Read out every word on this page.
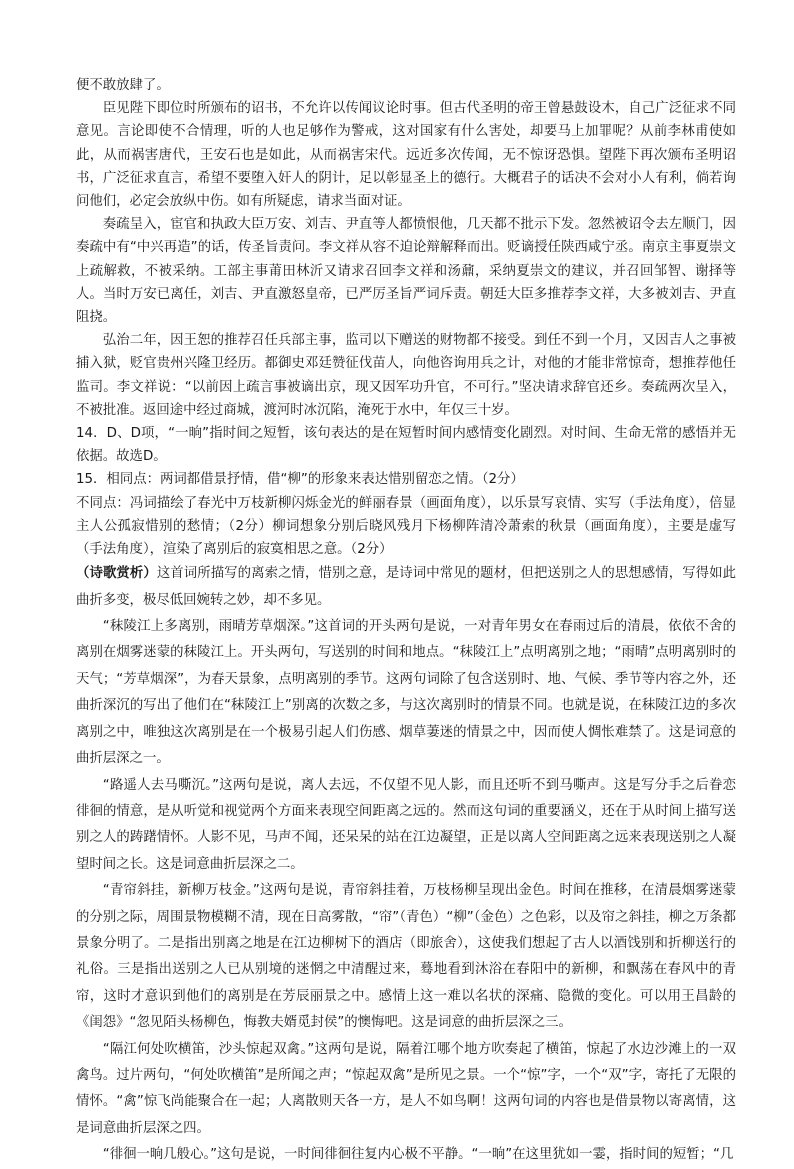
便不敢放肆了。

臣见陛下即位时所颁布的诏书，不允许以传闻议论时事。但古代圣明的帝王曾悬鼓设木，自己广泛征求不同意见。言论即使不合情理，听的人也足够作为警戒，这对国家有什么害处，却要马上加罪呢？从前李林甫使如此，从而祸害唐代，王安石也是如此，从而祸害宋代。远近多次传闻，无不惊讶恐惧。望陛下再次颁布圣明诏书，广泛征求直言，希望不要堕入奸人的阴计，足以彰显圣上的德行。大概君子的话决不会对小人有利，倘若询问他们，必定会放纵中伤。如有所疑虑，请求当面对证。

奏疏呈入，宦官和执政大臣万安、刘吉、尹直等人都愤恨他，几天都不批示下发。忽然被诏令去左顺门，因奏疏中有“中兴再造”的话，传圣旨责问。李文祥从容不迫论辩解释而出。贬谪授任陕西咸宁丞。南京主事夏崇文上疏解救，不被采纳。工部主事莆田林沂又请求召回李文祥和汤鼐，采纳夏崇文的建议，并召回邹智、谢择等人。当时万安已离任，刘吉、尹直激怒皇帝，已严厉圣旨严词斥责。朝廷大臣多推荐李文祥，大多被刘吉、尹直阻挠。

弘治二年，因王恕的推荐召任兵部主事，监司以下赠送的财物都不接受。到任不到一个月，又因吉人之事被捕入狱，贬官贵州兴隆卫经历。都御史邓廷赞征伐苗人，向他咨询用兵之计，对他的才能非常惊奇，想推荐他任监司。李文祥说：“以前因上疏言事被谪出京，现又因军功升官，不可行。”坚决请求辞官还乡。奏疏两次呈入，不被批准。返回途中经过商城，渡河时冰沉陷，淹死于水中，年仅三十岁。

14．D、D项，“一晌”指时间之短暂，该句表达的是在短暂时间内感情变化剧烈。对时间、生命无常的感悟并无依据。故选D。

15．相同点：两词都借景抒情，借“柳”的形象来表达惜别留恋之情。（2分）

不同点：冯词描绘了春光中万枝新柳闪烁金光的鲜丽春景（画面角度），以乐景写哀情、实写（手法角度），倍显主人公孤寂惜别的愁情；（2分）柳词想象分别后晓风残月下杨柳阵清冷萧索的秋景（画面角度），主要是虚写（手法角度），渲染了离别后的寂寞相思之意。（2分）

（诗歌赏析）这首词所描写的离索之情，惜别之意，是诗词中常见的题材，但把送别之人的思想感情，写得如此曲折多变，极尽低回婉转之妙，却不多见。

“秣陵江上多离别，雨晴芳草烟深。”这首词的开头两句是说，一对青年男女在春雨过后的清晨，依依不舍的离别在烟雾迷蒙的秣陵江上。开头两句，写送别的时间和地点。“秣陵江上”点明离别之地；“雨晴”点明离别时的天气；“芳草烟深”，为春天景象，点明离别的季节。这两句词除了包含送别时、地、气候、季节等内容之外，还曲折深沉的写出了他们在“秣陵江上”别离的次数之多，与这次离别时的情景不同。也就是说，在秣陵江边的多次离别之中，唯独这次离别是在一个极易引起人们伤感、烟草萋迷的情景之中，因而使人惆怅难禁了。这是词意的曲折层深之一。

“路遥人去马嘶沉。”这两句是说，离人去远，不仅望不见人影，而且还听不到马嘶声。这是写分手之后眷恋徘徊的情意，是从听觉和视觉两个方面来表现空间距离之远的。然而这句词的重要涵义，还在于从时间上描写送别之人的踌躇情怀。人影不见，马声不闻，还呆呆的站在江边凝望，正是以离人空间距离之远来表现送别之人凝望时间之长。这是词意曲折层深之二。

“青帘斜挂，新柳万枝金。”这两句是说，青帘斜挂着，万枝杨柳呈现出金色。时间在推移，在清晨烟雾迷蒙的分别之际，周围景物模糊不清，现在日高雾散，“帘”（青色）“柳”（金色）之色彩，以及帘之斜挂，柳之万条都景象分明了。二是指出别离之地是在江边柳树下的酒店（即旅舍），这使我们想起了古人以酒饯别和折柳送行的礼俗。三是指出送别之人已从别境的迷惘之中清醒过来，蓦地看到沐浴在春阳中的新柳，和飘荡在春风中的青帘，这时才意识到他们的离别是在芳辰丽景之中。感情上这一难以名状的深痛、隐微的变化。可以用王昌龄的《闺怨》“忽见陌头杨柳色，悔教夫婿觅封侯”的懊悔吧。这是词意的曲折层深之三。

“隔江何处吹横笛，沙头惊起双禽。”这两句是说，隔着江哪个地方吹奏起了横笛，惊起了水边沙滩上的一双禽鸟。过片两句，“何处吹横笛”是所闻之声；“惊起双禽”是所见之景。一个“惊”字，一个“双”字，寄托了无限的情怀。“禽”惊飞尚能聚合在一起；人离散则天各一方，是人不如鸟啊！这两句词的内容也是借景物以寄离情，这是词意曲折层深之四。

“徘徊一晌几般心。”这句是说，一时间徘徊往复内心极不平静。“一晌”在这里犹如一霎，指时间的短暂；“几
